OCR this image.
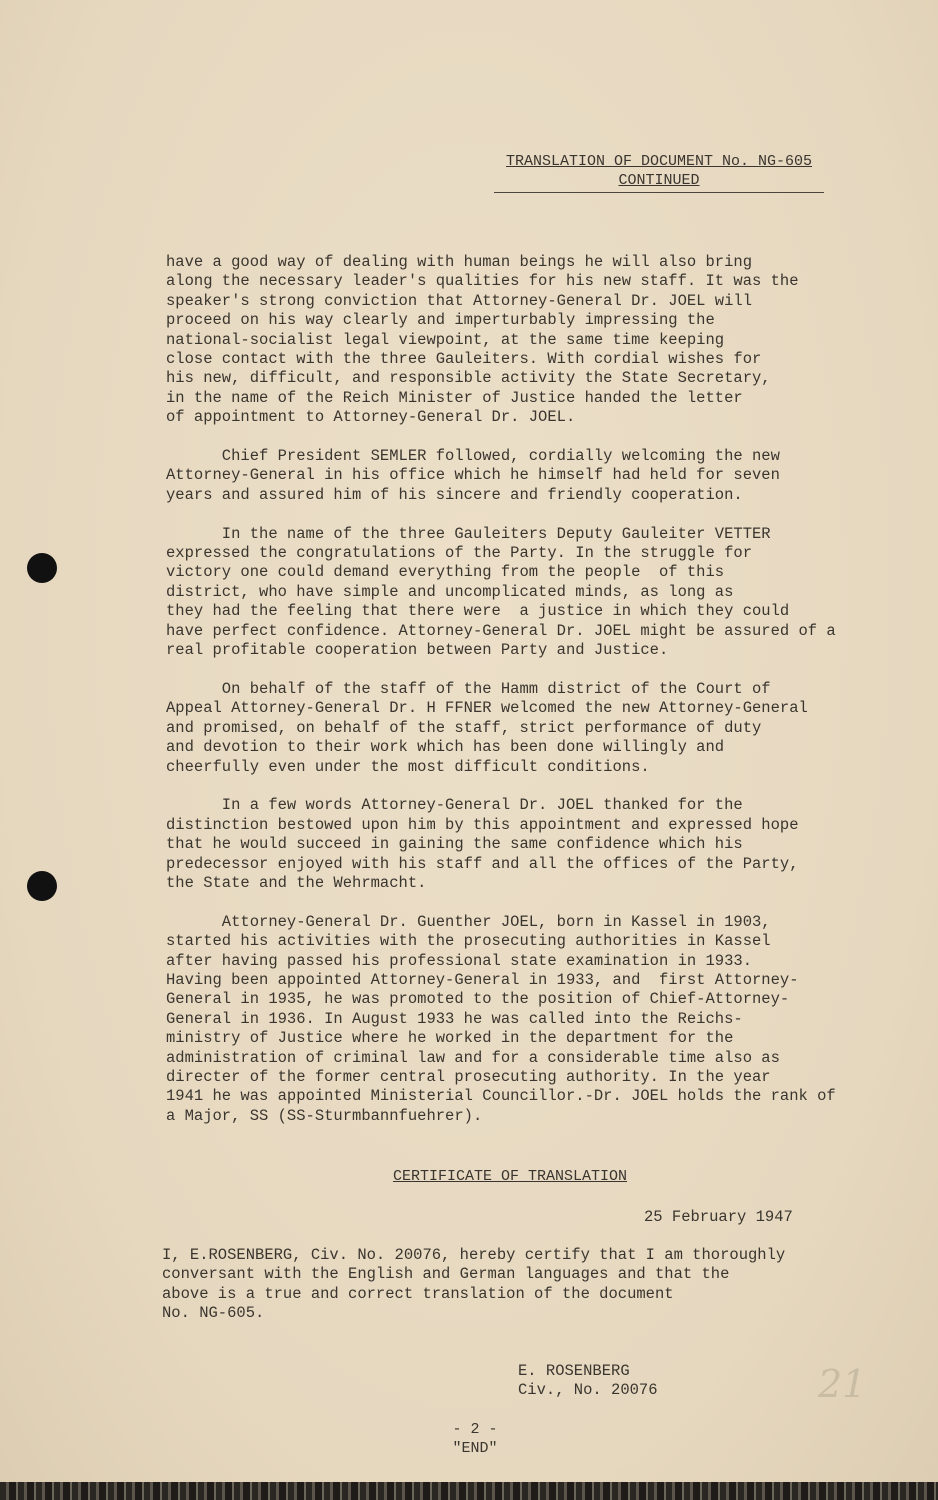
TRANSLATION OF DOCUMENT No. NG-605
CONTINUED

have a good way of dealing with human beings he will also bring
along the necessary leader's qualities for his new staff. It was the
speaker's strong conviction that Attorney-General Dr. JOEL will
proceed on his way clearly and imperturbably impressing the
national-socialist legal viewpoint, at the same time keeping
close contact with the three Gauleiters. With cordial wishes for
his new, difficult, and responsible activity the State Secretary,
in the name of the Reich Minister of Justice handed the letter
of appointment to Attorney-General Dr. JOEL.

Chief President SEMLER followed, cordially welcoming the new
Attorney-General in his office which he himself had held for seven
years and assured him of his sincere and friendly cooperation.

In the name of the three Gauleiters Deputy Gauleiter VETTER
expressed the congratulations of the Party. In the struggle for
victory one could demand everything from the people  of this
district, who have simple and uncomplicated minds, as long as
they had the feeling that there were  a justice in which they could
have perfect confidence. Attorney-General Dr. JOEL might be assured of a
real profitable cooperation between Party and Justice.

On behalf of the staff of the Hamm district of the Court of
Appeal Attorney-General Dr. H FFNER welcomed the new Attorney-General
and promised, on behalf of the staff, strict performance of duty
and devotion to their work which has been done willingly and
cheerfully even under the most difficult conditions.

In a few words Attorney-General Dr. JOEL thanked for the
distinction bestowed upon him by this appointment and expressed hope
that he would succeed in gaining the same confidence which his
predecessor enjoyed with his staff and all the offices of the Party,
the State and the Wehrmacht.

Attorney-General Dr. Guenther JOEL, born in Kassel in 1903,
started his activities with the prosecuting authorities in Kassel
after having passed his professional state examination in 1933.
Having been appointed Attorney-General in 1933, and  first Attorney-
General in 1935, he was promoted to the position of Chief-Attorney-
General in 1936. In August 1933 he was called into the Reichs-
ministry of Justice where he worked in the department for the
administration of criminal law and for a considerable time also as
directer of the former central prosecuting authority. In the year
1941 he was appointed Ministerial Councillor.-Dr. JOEL holds the rank of
a Major, SS (SS-Sturmbannfuehrer).

CERTIFICATE OF TRANSLATION
25 February 1947
I, E.ROSENBERG, Civ. No. 20076, hereby certify that I am thoroughly
conversant with the English and German languages and that the
above is a true and correct translation of the document
No. NG-605.
E. ROSENBERG
Civ., No. 20076	21
- 2 -
"END"
